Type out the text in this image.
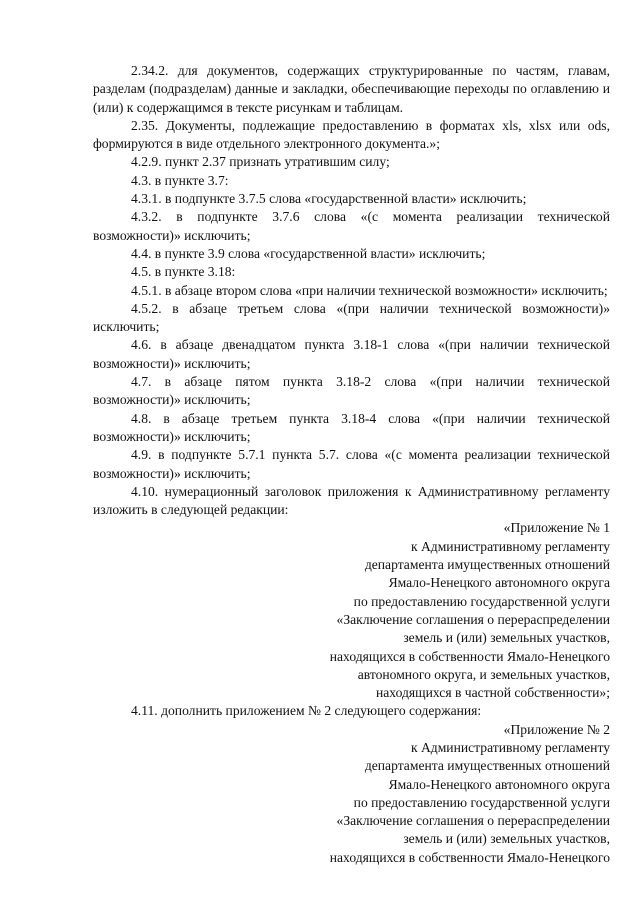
2.34.2. для документов, содержащих структурированные по частям, главам, разделам (подразделам) данные и закладки, обеспечивающие переходы по оглавлению и (или) к содержащимся в тексте рисункам и таблицам.

2.35. Документы, подлежащие предоставлению в форматах xls, xlsx или ods, формируются в виде отдельного электронного документа.»;

4.2.9. пункт 2.37 признать утратившим силу;

4.3. в пункте 3.7:

4.3.1. в подпункте 3.7.5 слова «государственной власти» исключить;

4.3.2. в подпункте 3.7.6 слова «(с момента реализации технической возможности)» исключить;

4.4. в пункте 3.9 слова «государственной власти» исключить;

4.5. в пункте 3.18:

4.5.1. в абзаце втором слова «при наличии технической возможности» исключить;

4.5.2. в абзаце третьем слова «(при наличии технической возможности)» исключить;

4.6. в абзаце двенадцатом пункта 3.18-1 слова «(при наличии технической возможности)» исключить;

4.7. в абзаце пятом пункта 3.18-2 слова «(при наличии технической возможности)» исключить;

4.8. в абзаце третьем пункта 3.18-4 слова «(при наличии технической возможности)» исключить;

4.9. в подпункте 5.7.1 пункта 5.7. слова «(с момента реализации технической возможности)» исключить;

4.10. нумерационный заголовок приложения к Административному регламенту изложить в следующей редакции:

«Приложение № 1

к Административному регламенту

департамента имущественных отношений

Ямало-Ненецкого автономного округа

по предоставлению государственной услуги

«Заключение соглашения о перераспределении

земель и (или) земельных участков,

находящихся в собственности Ямало-Ненецкого

автономного округа, и земельных участков,

находящихся в частной собственности»;

4.11. дополнить приложением № 2 следующего содержания:

«Приложение № 2

к Административному регламенту

департамента имущественных отношений

Ямало-Ненецкого автономного округа

по предоставлению государственной услуги

«Заключение соглашения о перераспределении

земель и (или) земельных участков,

находящихся в собственности Ямало-Ненецкого
